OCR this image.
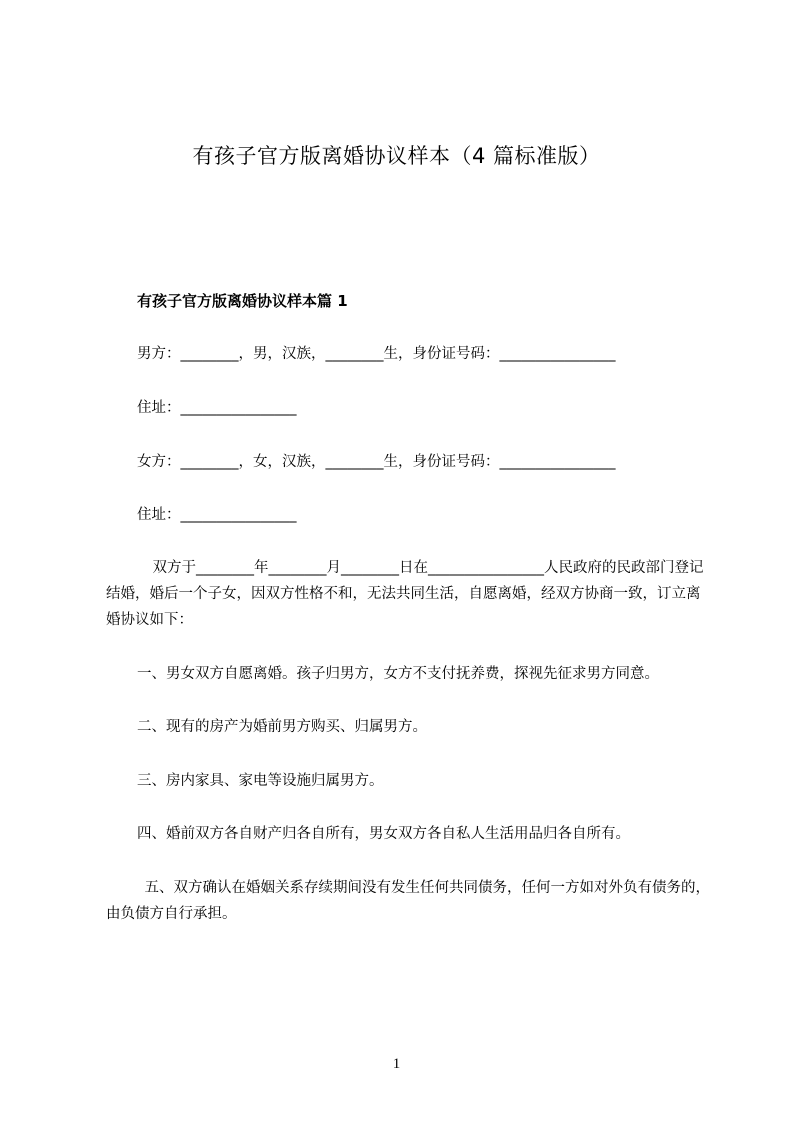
有孩子官方版离婚协议样本（4 篇标准版）
有孩子官方版离婚协议样本篇 1
男方：________，男，汉族，________生，身份证号码：________________
住址：________________
女方：________，女，汉族，________生，身份证号码：________________
住址：________________
　双方于________年________月________日在________________人民政府的民政部门登记结婚，婚后一个子女，因双方性格不和，无法共同生活，自愿离婚，经双方协商一致，订立离婚协议如下：
一、男女双方自愿离婚。孩子归男方，女方不支付抚养费，探视先征求男方同意。
二、现有的房产为婚前男方购买、归属男方。
三、房内家具、家电等设施归属男方。
四、婚前双方各自财产归各自所有，男女双方各自私人生活用品归各自所有。
　五、双方确认在婚姻关系存续期间没有发生任何共同债务，任何一方如对外负有债务的，由负债方自行承担。
1
